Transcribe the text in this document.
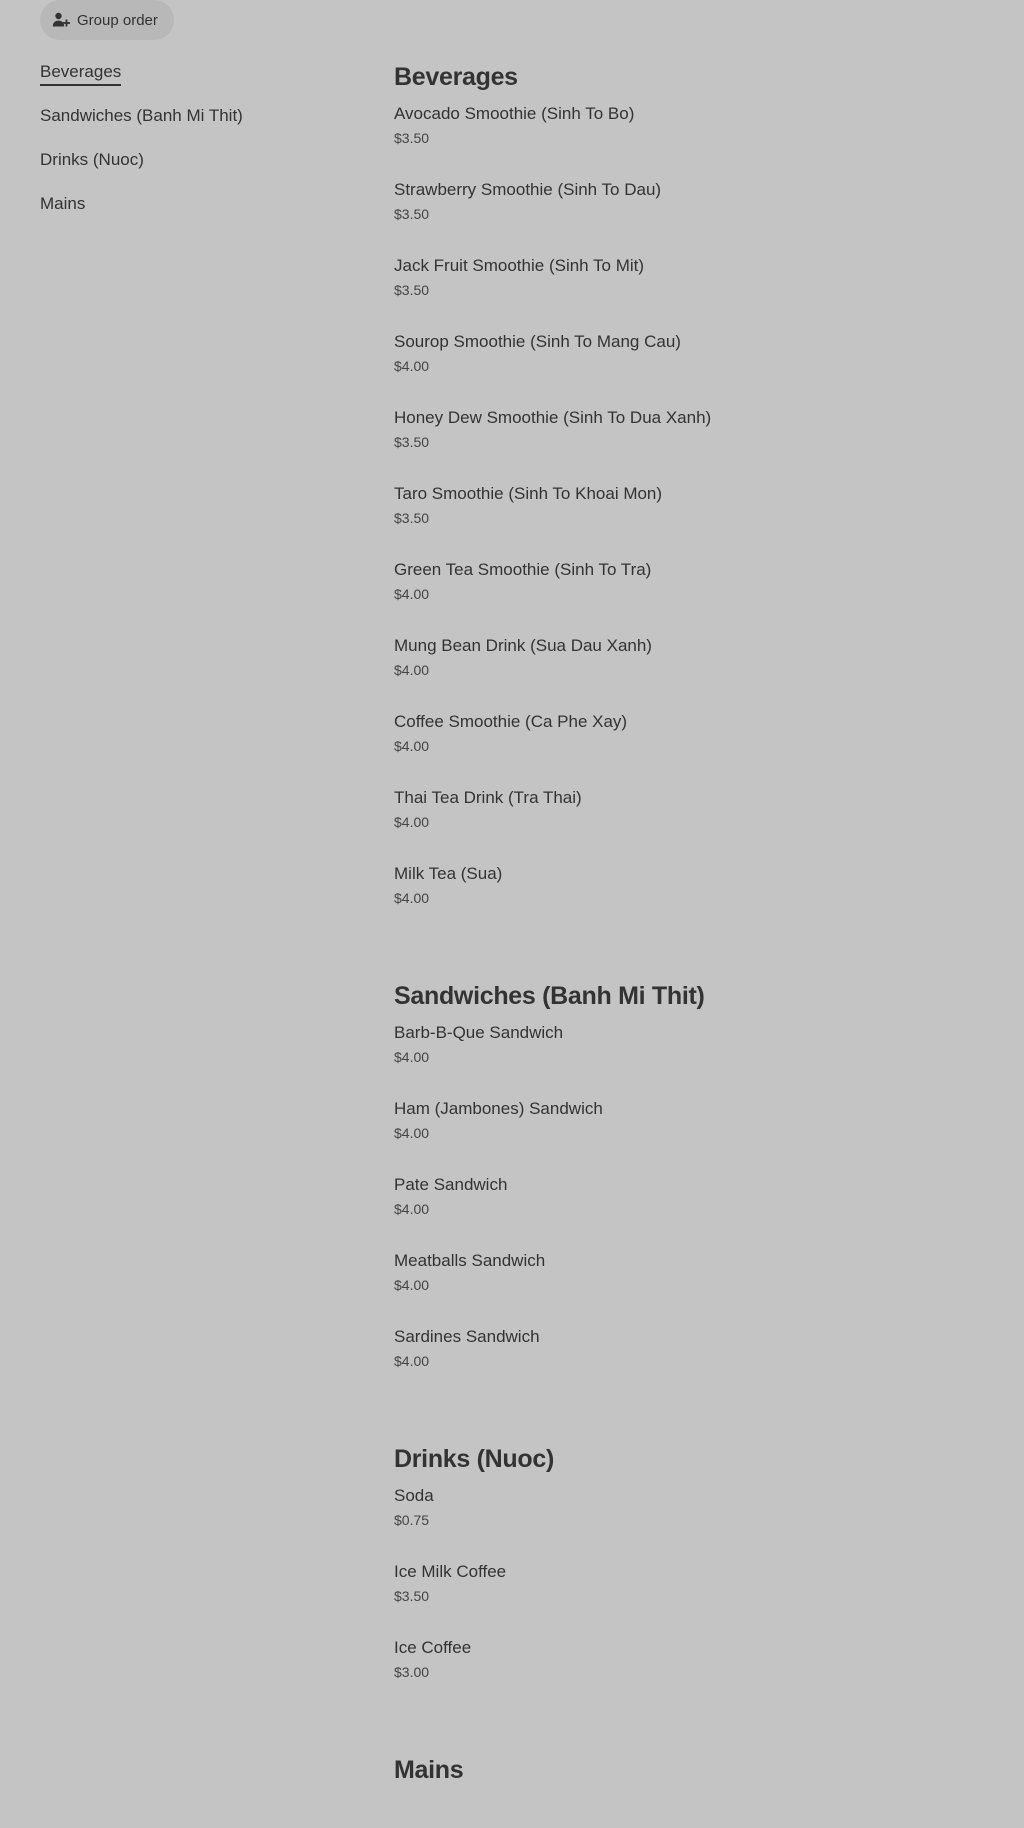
Group order
Beverages
Sandwiches (Banh Mi Thit)
Drinks (Nuoc)
Mains
Beverages
Avocado Smoothie (Sinh To Bo)
$3.50
Strawberry Smoothie (Sinh To Dau)
$3.50
Jack Fruit Smoothie (Sinh To Mit)
$3.50
Sourop Smoothie (Sinh To Mang Cau)
$4.00
Honey Dew Smoothie (Sinh To Dua Xanh)
$3.50
Taro Smoothie (Sinh To Khoai Mon)
$3.50
Green Tea Smoothie (Sinh To Tra)
$4.00
Mung Bean Drink (Sua Dau Xanh)
$4.00
Coffee Smoothie (Ca Phe Xay)
$4.00
Thai Tea Drink (Tra Thai)
$4.00
Milk Tea (Sua)
$4.00
Sandwiches (Banh Mi Thit)
Barb-B-Que Sandwich
$4.00
Ham (Jambones) Sandwich
$4.00
Pate Sandwich
$4.00
Meatballs Sandwich
$4.00
Sardines Sandwich
$4.00
Drinks (Nuoc)
Soda
$0.75
Ice Milk Coffee
$3.50
Ice Coffee
$3.00
Mains
